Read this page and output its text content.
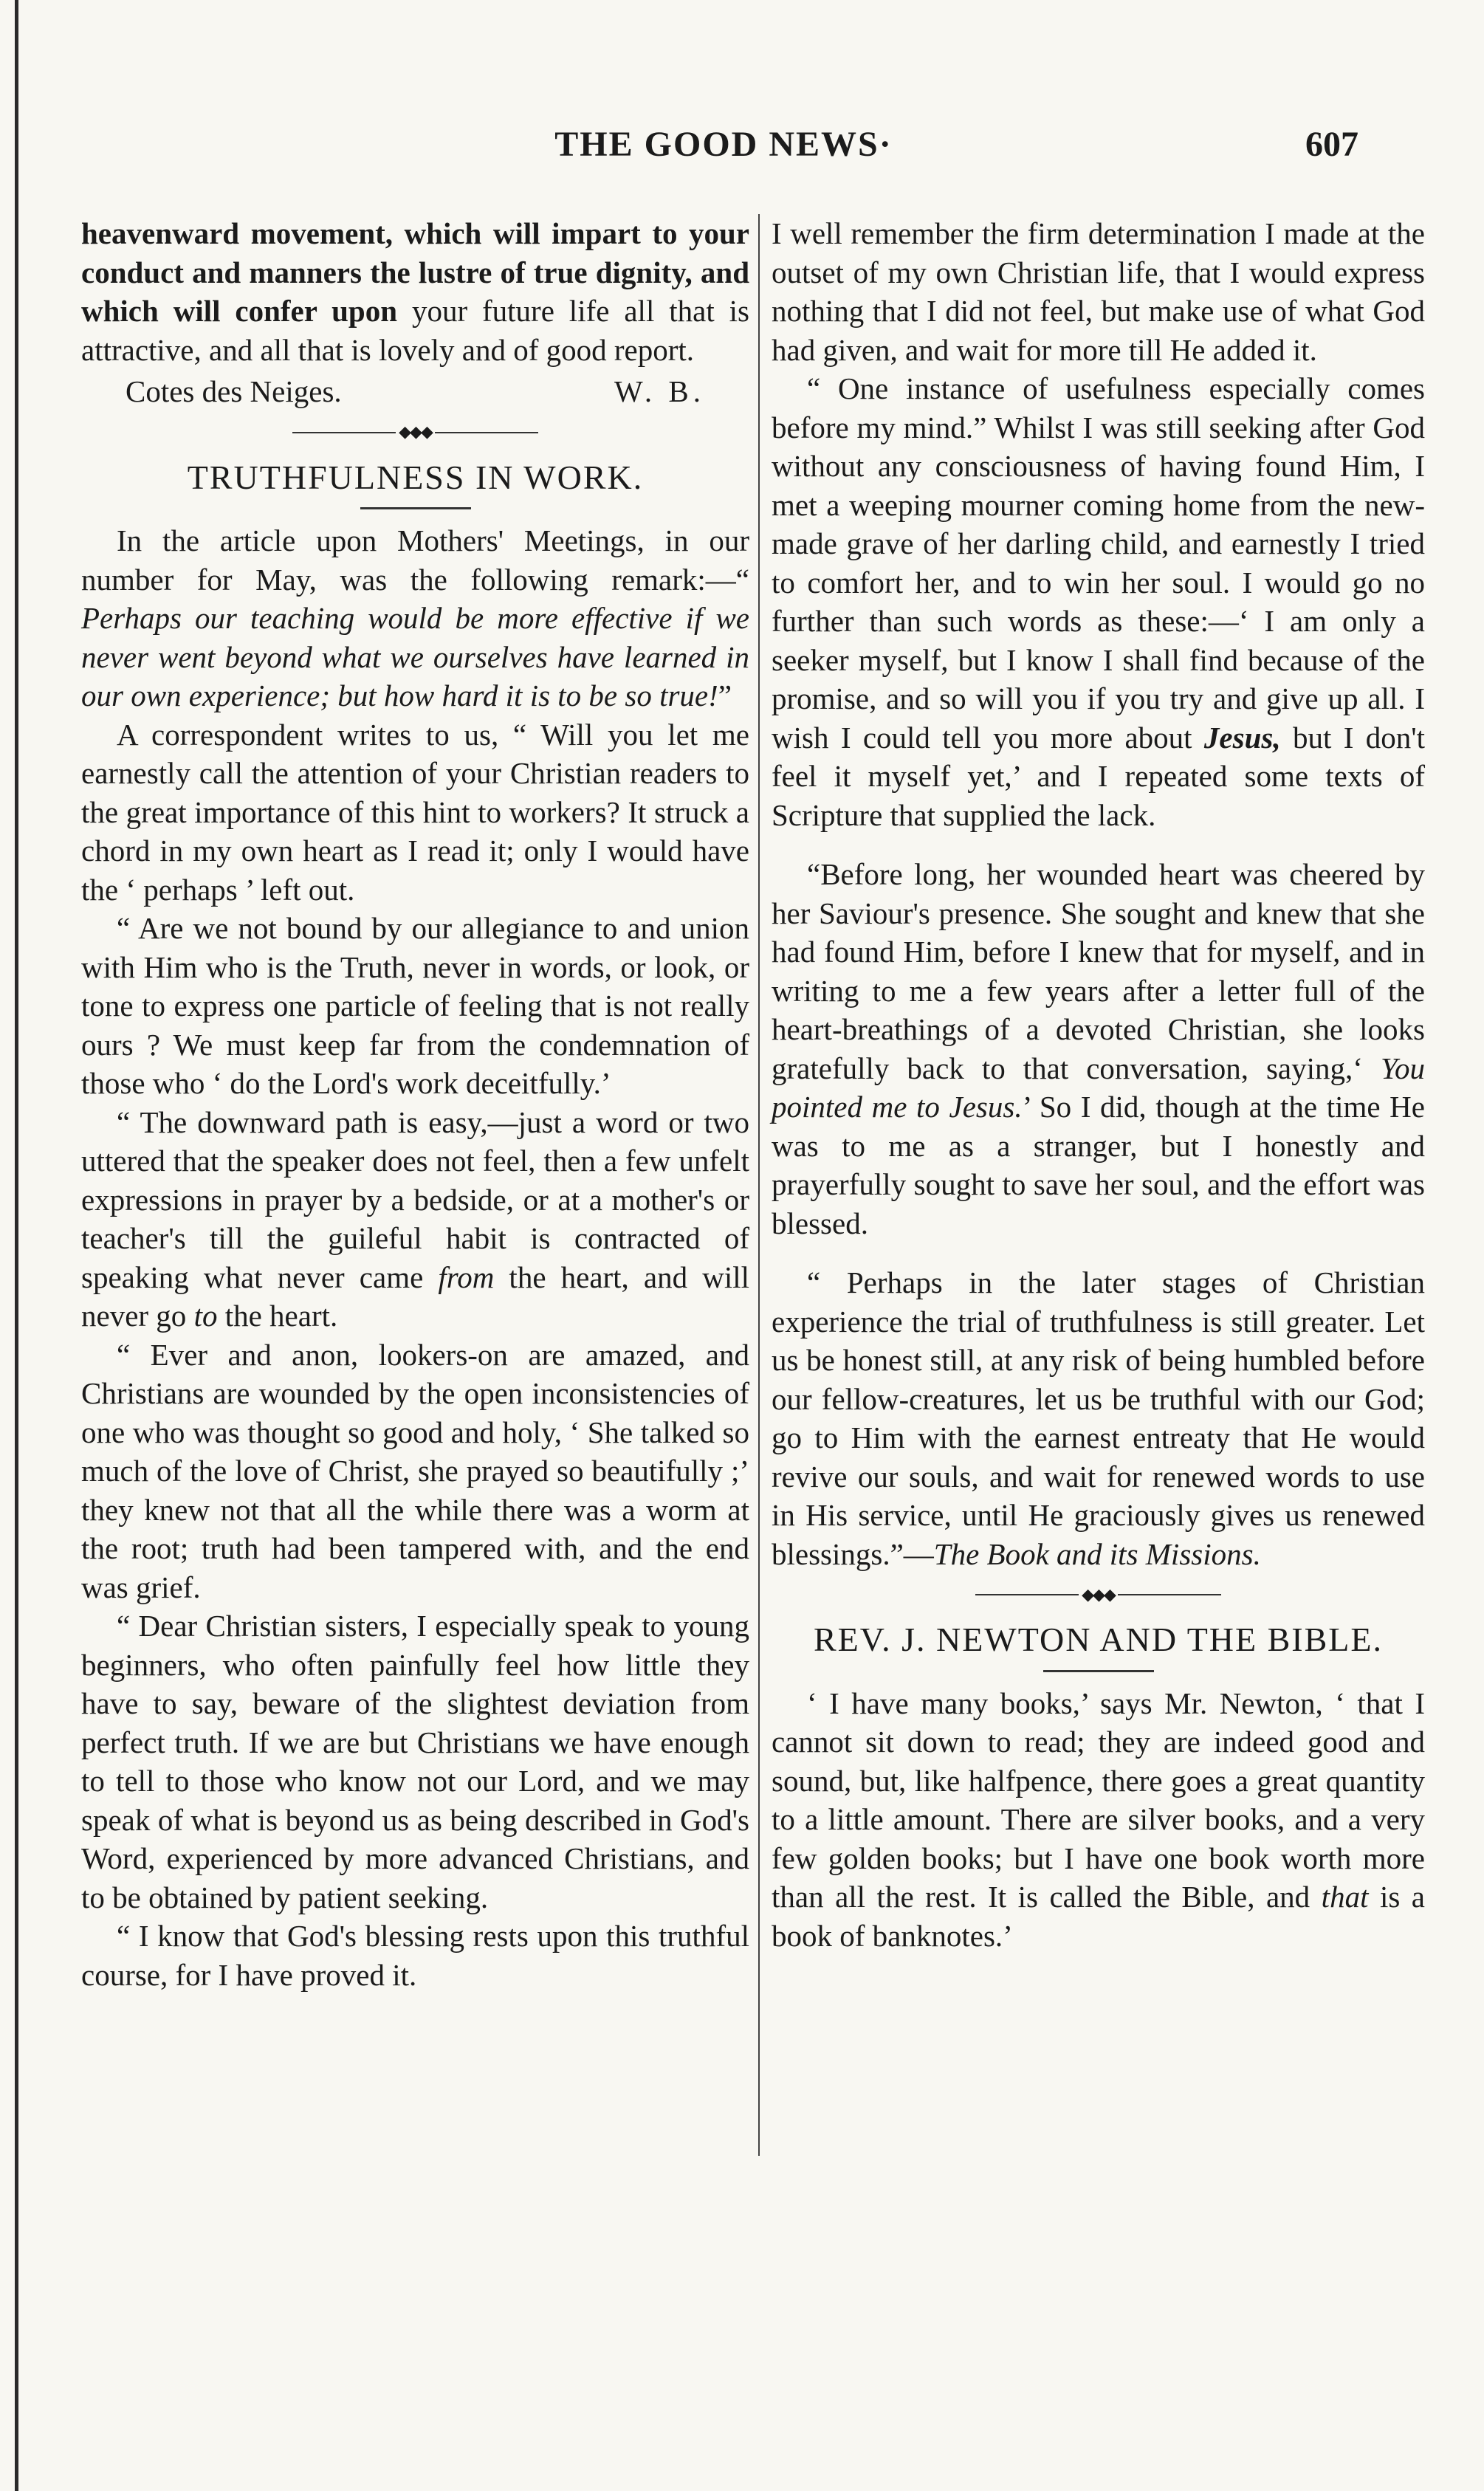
THE GOOD NEWS·	607

heavenward movement, which will impart to your conduct and manners the lustre of true dignity, and which will confer upon your future life all that is attractive, and all that is lovely and of good report.

Cotes des Neiges.	W. B.
◆◆◆
TRUTHFULNESS IN WORK.

In the article upon Mothers' Meetings, in our number for May, was the following remark:—“ Perhaps our teaching would be more effective if we never went beyond what we ourselves have learned in our own experience; but how hard it is to be so true!”

A correspondent writes to us, “ Will you let me earnestly call the attention of your Christian readers to the great importance of this hint to workers? It struck a chord in my own heart as I read it; only I would have the ‘ perhaps ’ left out.

“ Are we not bound by our allegiance to and union with Him who is the Truth, never in words, or look, or tone to express one particle of feeling that is not really ours ? We must keep far from the condemnation of those who ‘ do the Lord's work deceitfully.’

“ The downward path is easy,—just a word or two uttered that the speaker does not feel, then a few unfelt expressions in prayer by a bedside, or at a mother's or teacher's till the guileful habit is contracted of speaking what never came from the heart, and will never go to the heart.

“ Ever and anon, lookers-on are amazed, and Christians are wounded by the open inconsistencies of one who was thought so good and holy, ‘ She talked so much of the love of Christ, she prayed so beautifully ;’ they knew not that all the while there was a worm at the root; truth had been tampered with, and the end was grief.

“ Dear Christian sisters, I especially speak to young beginners, who often painfully feel how little they have to say, beware of the slightest deviation from perfect truth. If we are but Christians we have enough to tell to those who know not our Lord, and we may speak of what is beyond us as being described in God's Word, experienced by more advanced Christians, and to be obtained by patient seeking.

“ I know that God's blessing rests upon this truthful course, for I have proved it.

I well remember the firm determination I made at the outset of my own Christian life, that I would express nothing that I did not feel, but make use of what God had given, and wait for more till He added it.

“ One instance of usefulness especially comes before my mind.” Whilst I was still seeking after God without any consciousness of having found Him, I met a weeping mourner coming home from the new-made grave of her darling child, and earnestly I tried to comfort her, and to win her soul. I would go no further than such words as these:—‘ I am only a seeker myself, but I know I shall find because of the promise, and so will you if you try and give up all. I wish I could tell you more about Jesus, but I don't feel it myself yet,’ and I repeated some texts of Scripture that supplied the lack.

“Before long, her wounded heart was cheered by her Saviour's presence. She sought and knew that she had found Him, before I knew that for myself, and in writing to me a few years after a letter full of the heart-breathings of a devoted Christian, she looks gratefully back to that conversation, saying,‘ You pointed me to Jesus.’ So I did, though at the time He was to me as a stranger, but I honestly and prayerfully sought to save her soul, and the effort was blessed.

“ Perhaps in the later stages of Christian experience the trial of truthfulness is still greater. Let us be honest still, at any risk of being humbled before our fellow-creatures, let us be truthful with our God; go to Him with the earnest entreaty that He would revive our souls, and wait for renewed words to use in His service, until He graciously gives us renewed blessings.”—The Book and its Missions.

◆◆◆
REV. J. NEWTON AND THE BIBLE.

‘ I have many books,’ says Mr. Newton, ‘ that I cannot sit down to read; they are indeed good and sound, but, like halfpence, there goes a great quantity to a little amount. There are silver books, and a very few golden books; but I have one book worth more than all the rest. It is called the Bible, and that is a book of banknotes.’
